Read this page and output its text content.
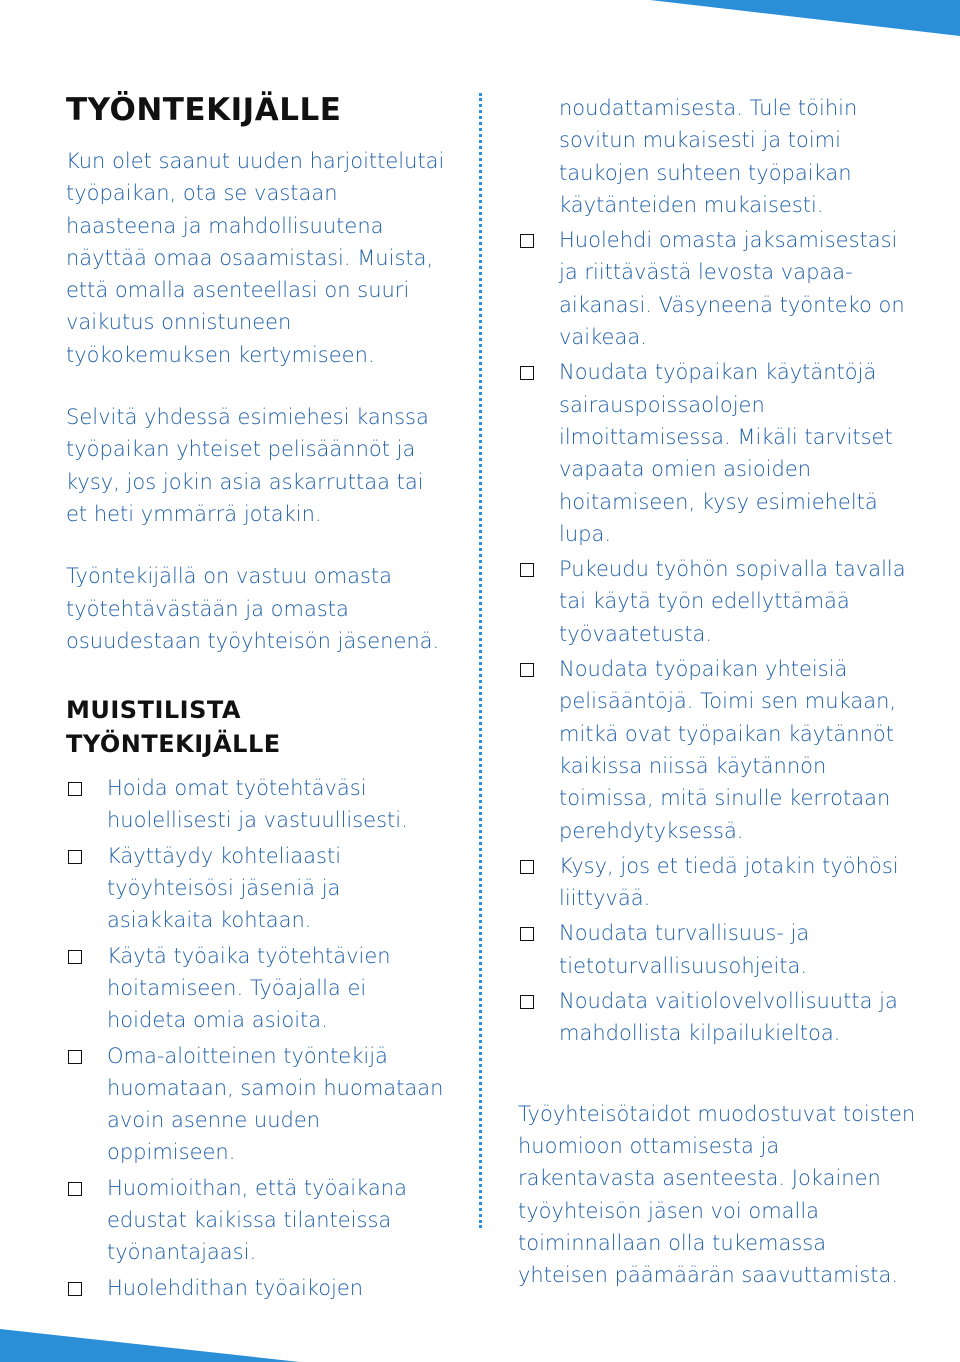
TYÖNTEKIJÄLLE

Kun olet saanut uuden harjoittelutai työpaikan, ota se vastaan haasteena ja mahdollisuutena näyttää omaa osaamistasi. Muista, että omalla asenteellasi on suuri vaikutus onnistuneen työkokemuksen kertymiseen.

Selvitä yhdessä esimiehesi kanssa työpaikan yhteiset pelisäännöt ja kysy, jos jokin asia askarruttaa tai et heti ymmärrä jotakin.

Työntekijällä on vastuu omasta työtehtävästään ja omasta osuudestaan työyhteisön jäsenenä.

MUISTILISTA TYÖNTEKIJÄLLE
Hoida omat työtehtäväsi huolellisesti ja vastuullisesti.
Käyttäydy kohteliaasti työyhteisösi jäseniä ja asiakkaita kohtaan.
Käytä työaika työtehtävien hoitamiseen. Työajalla ei hoideta omia asioita.
Oma-aloitteinen työntekijä huomataan, samoin huomataan avoin asenne uuden oppimiseen.
Huomioithan, että työaikana edustat kaikissa tilanteissa työnantajaasi.
Huolehdithan työaikojen
noudattamisesta. Tule töihin sovitun mukaisesti ja toimi taukojen suhteen työpaikan käytänteiden mukaisesti.
Huolehdi omasta jaksamisestasi ja riittävästä levosta vapaa-aikanasi. Väsyneenä työnteko on vaikeaa.
Noudata työpaikan käytäntöjä sairauspoissaolojen ilmoittamisessa. Mikäli tarvitset vapaata omien asioiden hoitamiseen, kysy esimieheltä lupa.
Pukeudu työhön sopivalla tavalla tai käytä työn edellyttämää työvaatetusta.
Noudata työpaikan yhteisiä pelisääntöjä. Toimi sen mukaan, mitkä ovat työpaikan käytännöt kaikissa niissä käytännön toimissa, mitä sinulle kerrotaan perehdytyksessä.
Kysy, jos et tiedä jotakin työhösi liittyvää.
Noudata turvallisuus- ja tietoturvallisuusohjeita.
Noudata vaitiolovelvollisuutta ja mahdollista kilpailukieltoa.

Työyhteisötaidot muodostuvat toisten huomioon ottamisesta ja rakentavasta asenteesta. Jokainen työyhteisön jäsen voi omalla toiminnallaan olla tukemassa yhteisen päämäärän saavuttamista.
